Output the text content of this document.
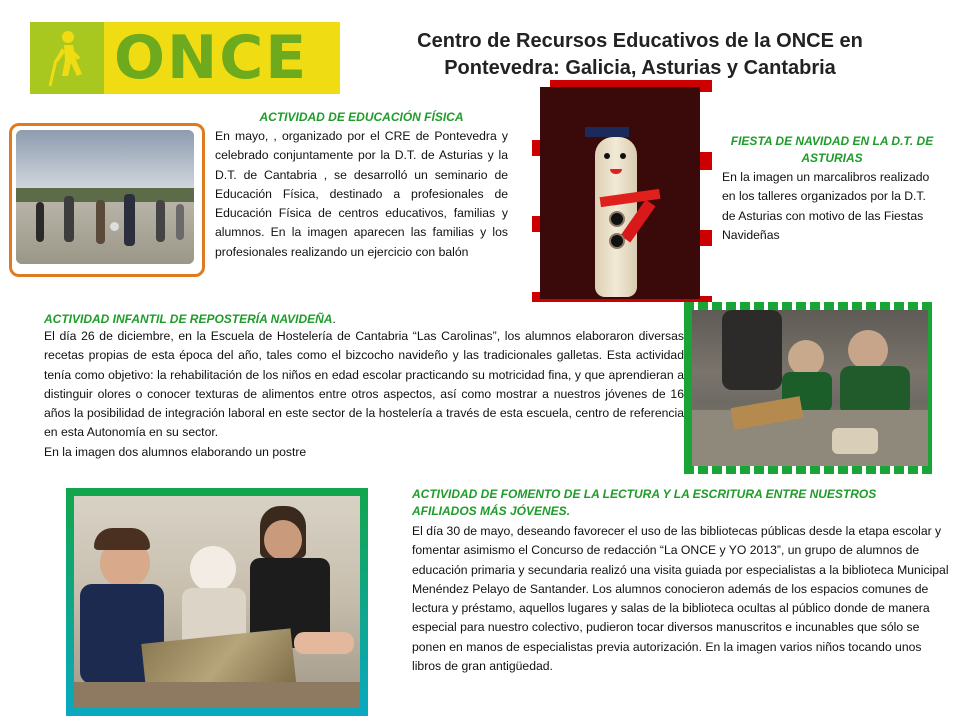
ONCE	Centro de Recursos Educativos de la ONCE en
Pontevedra: Galicia, Asturias y Cantabria
ACTIVIDAD DE EDUCACIÓN FÍSICA
En mayo, , organizado por el CRE de Pontevedra y celebrado conjuntamente por la D.T. de Asturias y la D.T. de Cantabria , se desarrolló un seminario de Educación Física, destinado a profesionales de Educación Física de centros educativos, familias y alumnos. En la imagen aparecen las familias y los profesionales realizando un ejercicio con balón
FIESTA DE NAVIDAD EN LA D.T. DE ASTURIAS
En la imagen un marcalibros realizado en los talleres organizados por la D.T. de Asturias con motivo de las Fiestas Navideñas
ACTIVIDAD INFANTIL DE REPOSTERÍA NAVIDEÑA.
El día 26 de diciembre, en la Escuela de Hostelería de Cantabria “Las Carolinas”, los alumnos elaboraron diversas recetas propias de esta época del año, tales como el bizcocho navideño y las tradicionales galletas. Esta actividad tenía como objetivo: la rehabilitación de los niños en edad escolar practicando su motricidad fina, y que aprendieran a distinguir olores o conocer texturas de alimentos entre otros aspectos, así como mostrar a nuestros jóvenes de 16 años la posibilidad de integración laboral en este sector de la hostelería a través de esta escuela, centro de referencia en esta Autonomía en su sector.
En la imagen dos alumnos elaborando un postre
ACTIVIDAD DE FOMENTO DE LA LECTURA Y LA ESCRITURA ENTRE NUESTROS AFILIADOS MÁS JÓVENES.
El día 30 de mayo, deseando favorecer el uso de las bibliotecas públicas desde la etapa escolar y fomentar asimismo el Concurso de redacción “La ONCE y YO 2013”, un grupo de alumnos de educación primaria y secundaria realizó una visita guiada por especialistas a la biblioteca Municipal Menéndez Pelayo de Santander. Los alumnos conocieron además de los espacios comunes de lectura y préstamo, aquellos lugares y salas de la biblioteca ocultas al público donde de manera especial para nuestro colectivo, pudieron tocar diversos manuscritos e incunables que sólo se ponen en manos de especialistas previa autorización. En la imagen varios niños tocando unos libros de gran antigüedad.
